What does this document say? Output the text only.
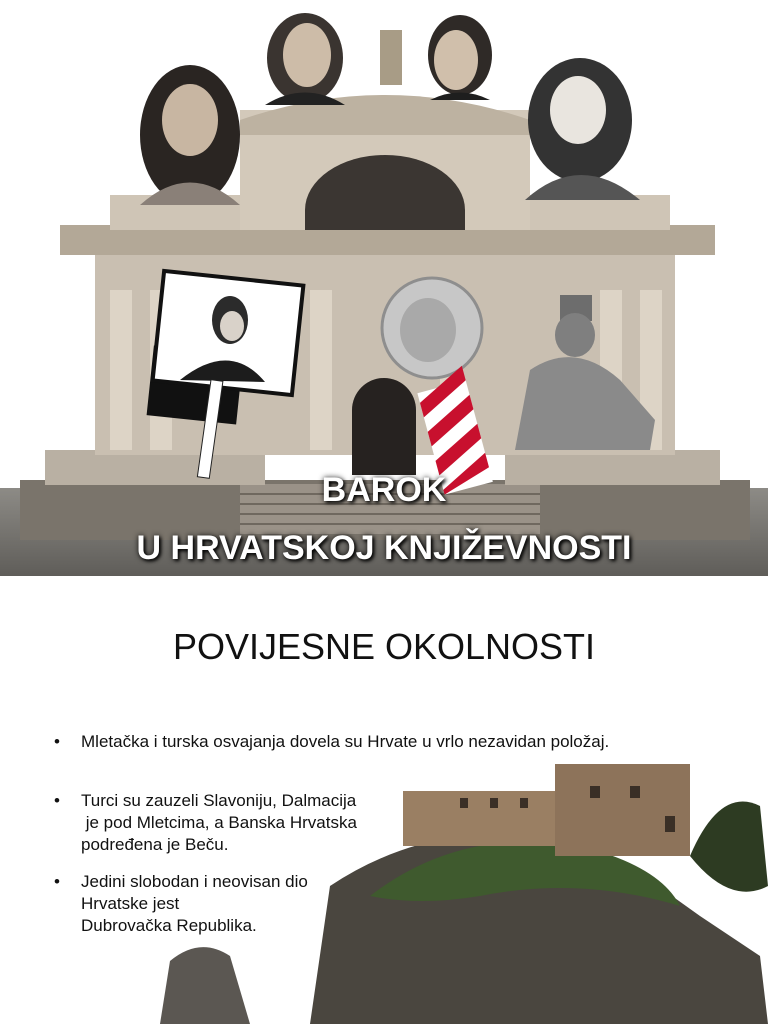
BAROK
U HRVATSKOJ KNJIŽEVNOSTI
POVIJESNE OKOLNOSTI
• Mletačka i turska osvajanja dovela su Hrvate u vrlo nezavidan položaj.
• Turci su zauzeli Slavoniju, Dalmacija
je pod Mletcima, a Banska Hrvatska
podređena je Beču.
• Jedini slobodan i neovisan dio
Hrvatske jest
Dubrovačka Republika.
